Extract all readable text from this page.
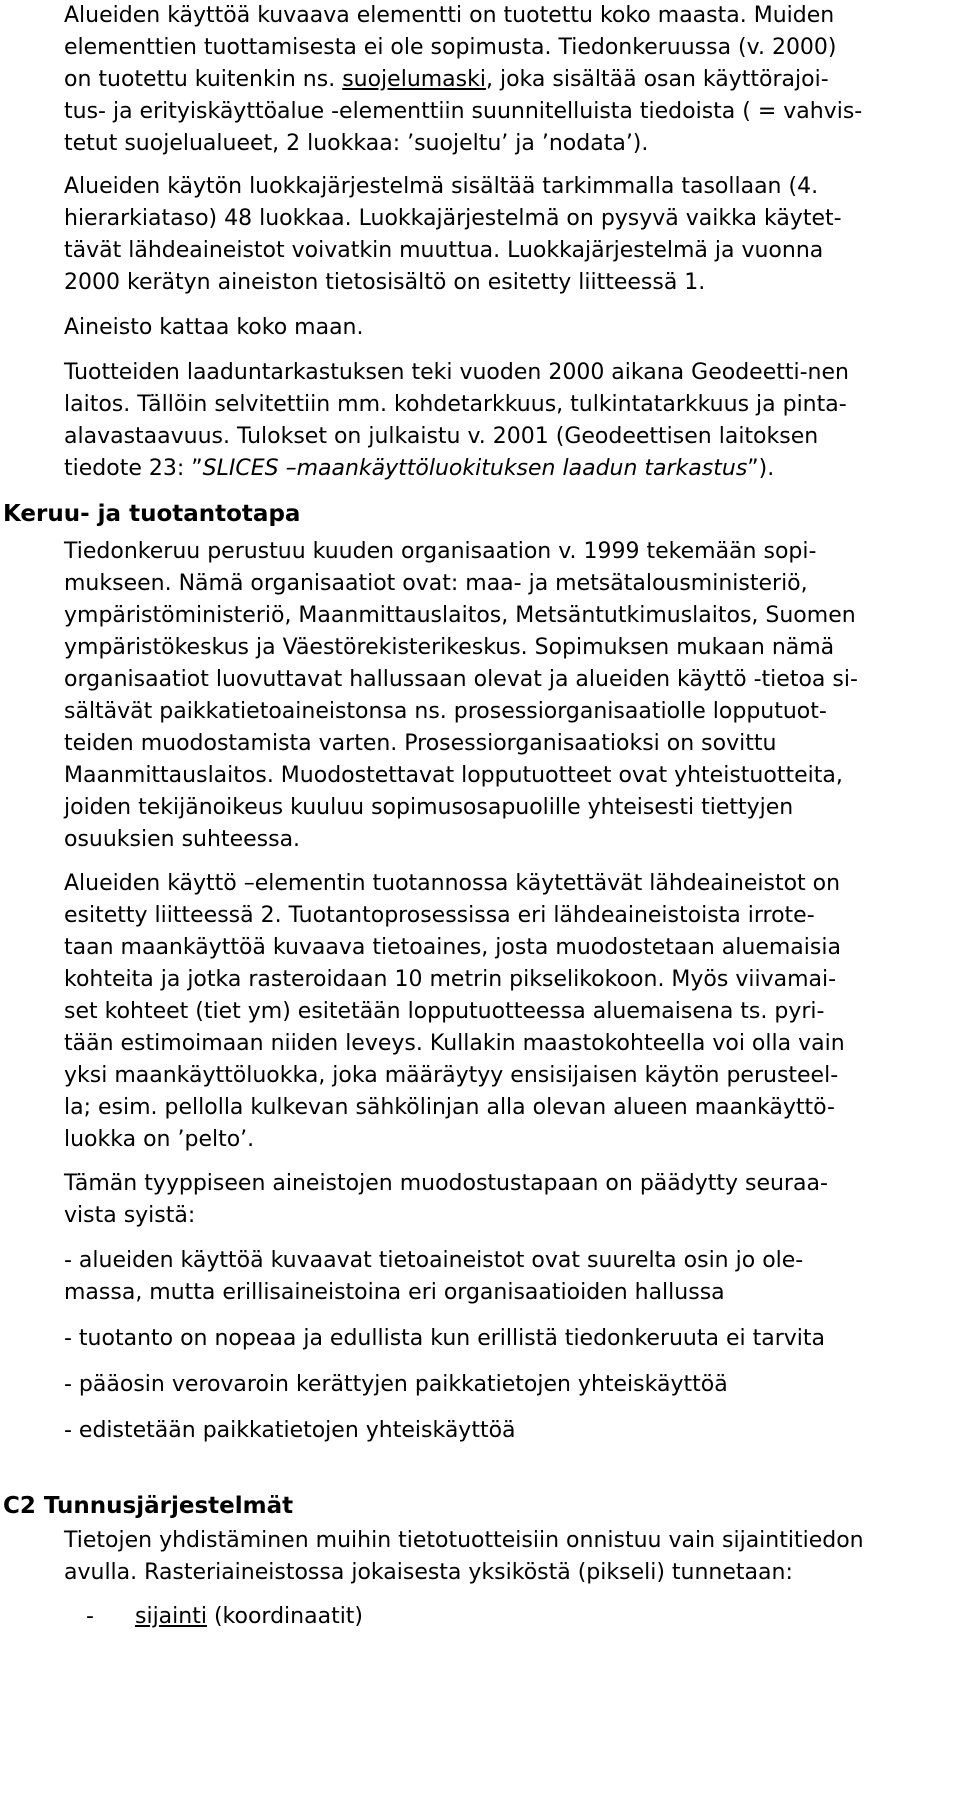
Alueiden käyttöä kuvaava elementti on tuotettu koko maasta. Muiden
elementtien tuottamisesta ei ole sopimusta. Tiedonkeruussa (v. 2000)
on tuotettu kuitenkin ns. suojelumaski, joka sisältää osan käyttörajoi-
tus- ja erityiskäyttöalue -elementtiin suunnitelluista tiedoista ( = vahvis-
tetut suojelualueet, 2 luokkaa: ’suojeltu’ ja ’nodata’).
Alueiden käytön luokkajärjestelmä sisältää tarkimmalla tasollaan (4.
hierarkiataso) 48 luokkaa. Luokkajärjestelmä on pysyvä vaikka käytet-
tävät lähdeaineistot voivatkin muuttua. Luokkajärjestelmä ja vuonna
2000 kerätyn aineiston tietosisältö on esitetty liitteessä 1.
Aineisto kattaa koko maan.
Tuotteiden laaduntarkastuksen teki vuoden 2000 aikana Geodeetti-nen
laitos. Tällöin selvitettiin mm. kohdetarkkuus, tulkintatarkkuus ja pinta-
alavastaavuus. Tulokset on julkaistu v. 2001 (Geodeettisen laitoksen
tiedote 23: ”SLICES –maankäyttöluokituksen laadun tarkastus”).
Keruu- ja tuotantotapa
Tiedonkeruu perustuu kuuden organisaation v. 1999 tekemään sopi-
mukseen. Nämä organisaatiot ovat: maa- ja metsätalousministeriö,
ympäristöministeriö, Maanmittauslaitos, Metsäntutkimuslaitos, Suomen
ympäristökeskus ja Väestörekisterikeskus. Sopimuksen mukaan nämä
organisaatiot luovuttavat hallussaan olevat ja alueiden käyttö -tietoa si-
sältävät paikkatietoaineistonsa ns. prosessiorganisaatiolle lopputuot-
teiden muodostamista varten. Prosessiorganisaatioksi on sovittu
Maanmittauslaitos. Muodostettavat lopputuotteet ovat yhteistuotteita,
joiden tekijänoikeus kuuluu sopimusosapuolille yhteisesti tiettyjen
osuuksien suhteessa.
Alueiden käyttö –elementin tuotannossa käytettävät lähdeaineistot on
esitetty liitteessä 2. Tuotantoprosessissa eri lähdeaineistoista irrote-
taan maankäyttöä kuvaava tietoaines, josta muodostetaan aluemaisia
kohteita ja jotka rasteroidaan 10 metrin pikselikokoon. Myös viivamai-
set kohteet (tiet ym) esitetään lopputuotteessa aluemaisena ts. pyri-
tään estimoimaan niiden leveys. Kullakin maastokohteella voi olla vain
yksi maankäyttöluokka, joka määräytyy ensisijaisen käytön perusteel-
la; esim. pellolla kulkevan sähkölinjan alla olevan alueen maankäyttö-
luokka on ’pelto’.
Tämän tyyppiseen aineistojen muodostustapaan on päädytty seuraa-
vista syistä:
- alueiden käyttöä kuvaavat tietoaineistot ovat suurelta osin jo ole-
massa, mutta erillisaineistoina eri organisaatioiden hallussa
- tuotanto on nopeaa ja edullista kun erillistä tiedonkeruuta ei tarvita
- pääosin verovaroin kerättyjen paikkatietojen yhteiskäyttöä
- edistetään paikkatietojen yhteiskäyttöä
C2 Tunnusjärjestelmät
Tietojen yhdistäminen muihin tietotuotteisiin onnistuu vain sijaintitiedon
avulla. Rasteriaineistossa jokaisesta yksiköstä (pikseli) tunnetaan:
- sijainti (koordinaatit)
